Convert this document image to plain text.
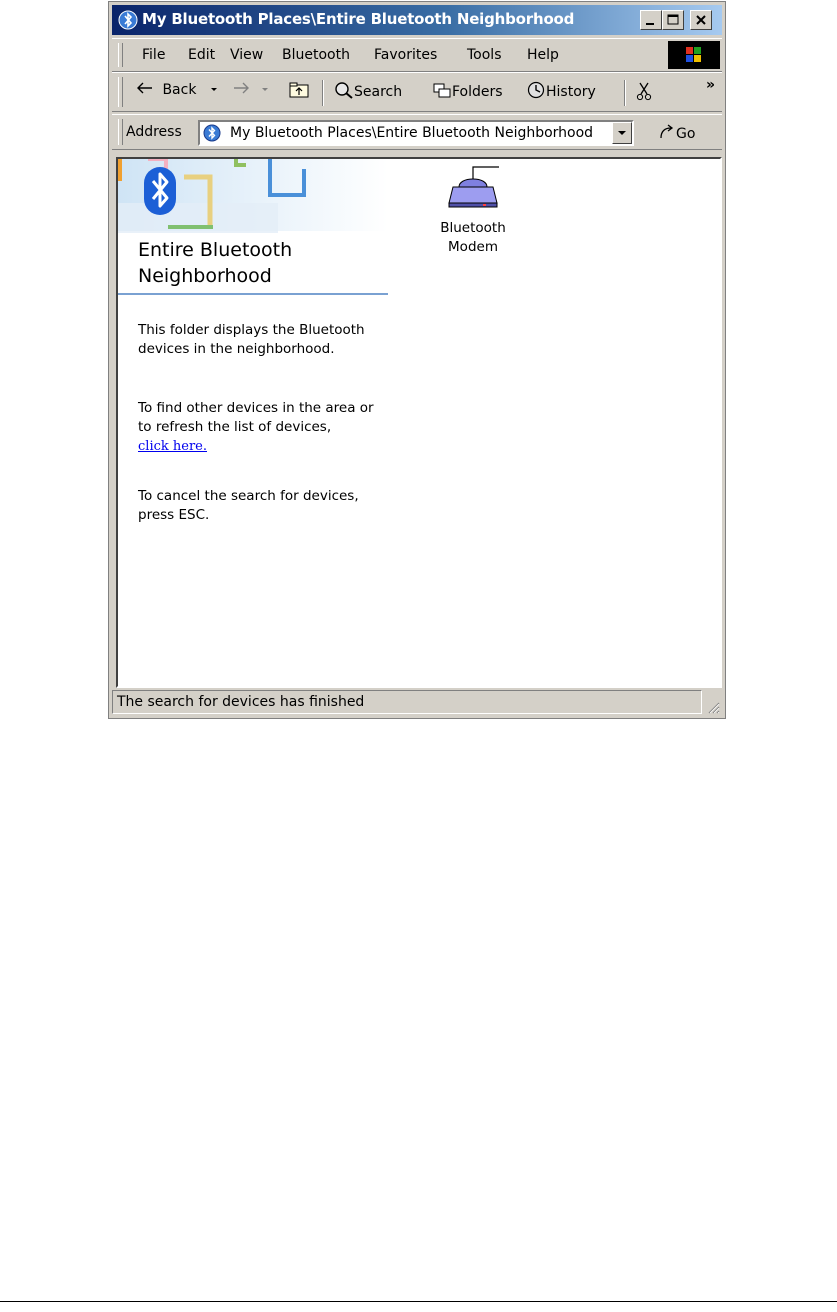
My Bluetooth Places\Entire Bluetooth Neighborhood
File Edit View Bluetooth Favorites Tools Help
Back
	Search	Folders	History	»
Address	My Bluetooth Places\Entire Bluetooth Neighborhood	Go
Entire Bluetooth Neighborhood
This folder displays the Bluetooth devices in the neighborhood.
To find other devices in the area or to refresh the list of devices,
click here.
To cancel the search for devices, press ESC.
Bluetooth Modem
The search for devices has finished
